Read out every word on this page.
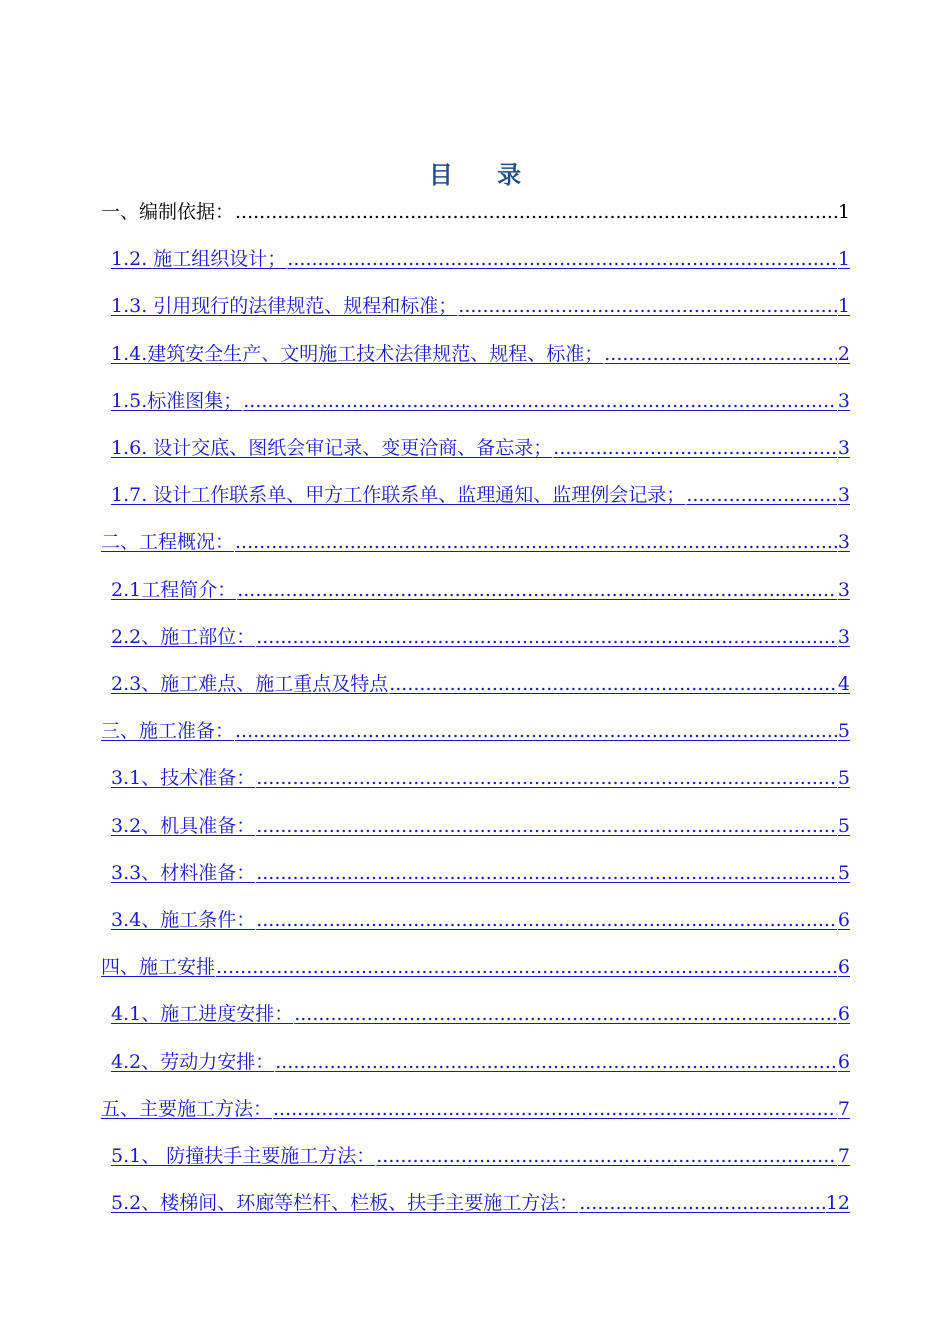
目 录
一、编制依据： .....	1
1.2. 施工组织设计； .....	1
1.3. 引用现行的法律规范、规程和标准； .....	1
1.4.建筑安全生产、文明施工技术法律规范、规程、标准； .....	2
1.5.标准图集； .....	3
1.6. 设计交底、图纸会审记录、变更洽商、备忘录； .....	3
1.7. 设计工作联系单、甲方工作联系单、监理通知、监理例会记录； .....	3
二、工程概况： .....	3
2.1工程简介： .....	3
2.2、施工部位： .....	3
2.3、施工难点、施工重点及特点 .....	4
三、施工准备： .....	5
3.1、技术准备： .....	5
3.2、机具准备： .....	5
3.3、材料准备： .....	5
3.4、施工条件： .....	6
四、施工安排 .....	6
4.1、施工进度安排： .....	6
4.2、劳动力安排： .....	6
五、主要施工方法： .....	7
5.1、 防撞扶手主要施工方法： .....	7
5.2、楼梯间、环廊等栏杆、栏板、扶手主要施工方法： .....	12
